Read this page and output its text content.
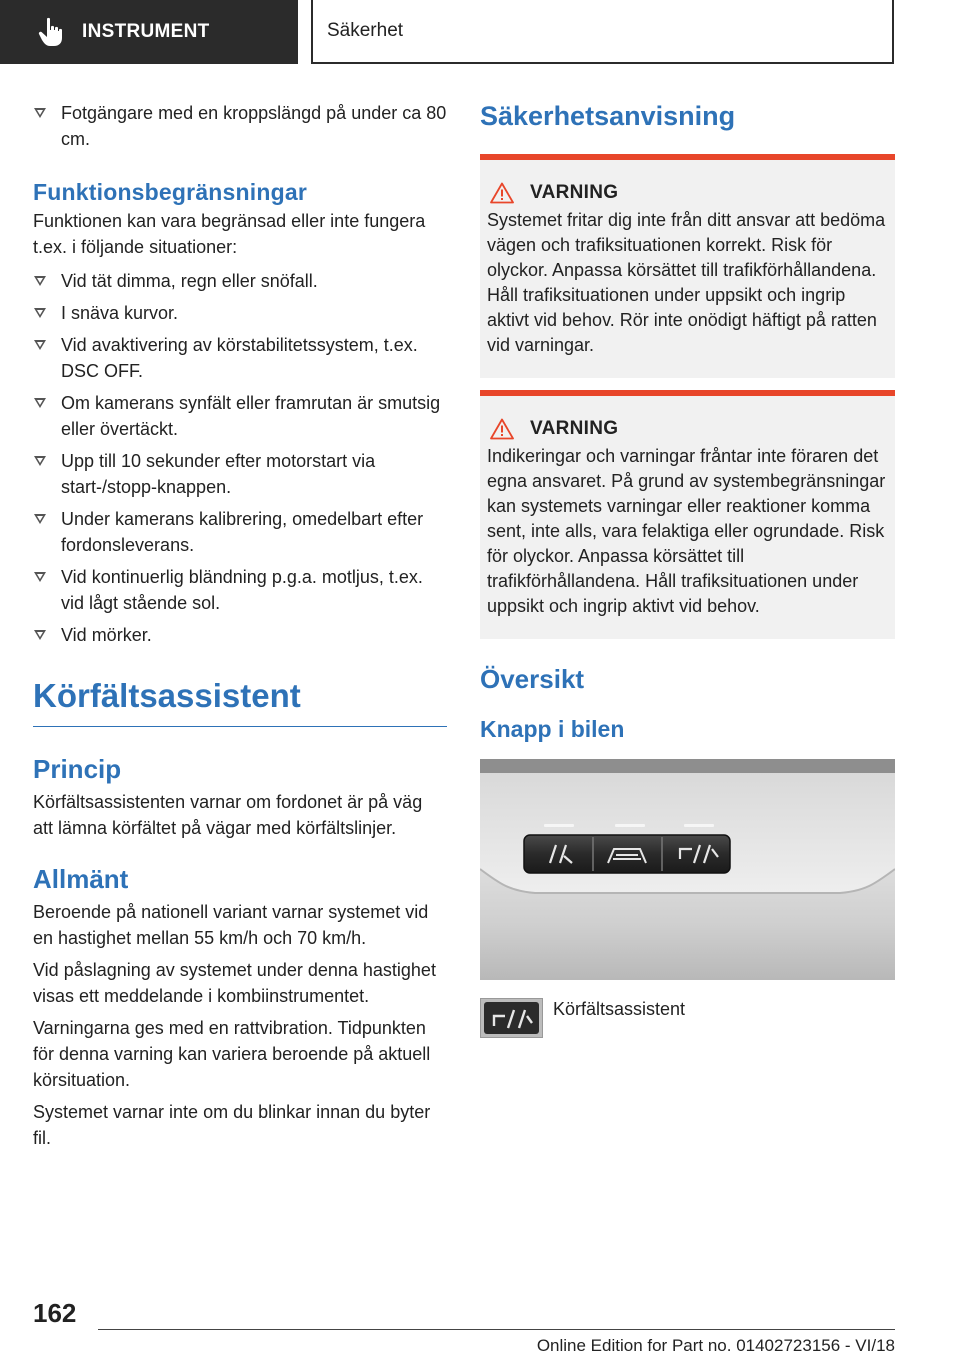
INSTRUMENT	Säkerhet
Fotgängare med en kroppslängd på under ca 80 cm.
Funktionsbegränsningar

Funktionen kan vara begränsad eller inte fungera t.ex. i följande situationer:

Vid tät dimma, regn eller snöfall.
I snäva kurvor.
Vid avaktivering av körstabilitetssystem, t.ex. DSC OFF.
Om kamerans synfält eller framrutan är smutsig eller övertäckt.
Upp till 10 sekunder efter motorstart via start-/stopp-knappen.
Under kamerans kalibrering, omedelbart efter fordonsleverans.
Vid kontinuerlig bländning p.g.a. motljus, t.ex. vid lågt stående sol.
Vid mörker.
Körfältsassistent
Princip

Körfältsassistenten varnar om fordonet är på väg att lämna körfältet på vägar med körfältslinjer.

Allmänt

Beroende på nationell variant varnar systemet vid en hastighet mellan 55 km/h och 70 km/h.

Vid påslagning av systemet under denna hastighet visas ett meddelande i kombiinstrumentet.

Varningarna ges med en rattvibration. Tidpunkten för denna varning kan variera beroende på aktuell körsituation.

Systemet varnar inte om du blinkar innan du byter fil.

Säkerhetsanvisning
VARNING

Systemet fritar dig inte från ditt ansvar att bedöma vägen och trafiksituationen korrekt. Risk för olyckor. Anpassa körsättet till trafikförhållandena. Håll trafiksituationen under uppsikt och ingrip aktivt vid behov. Rör inte onödigt häftigt på ratten vid varningar.

VARNING

Indikeringar och varningar fråntar inte föraren det egna ansvaret. På grund av systembegränsningar kan systemets varningar eller reaktioner komma sent, inte alls, vara felaktiga eller ogrundade. Risk för olyckor. Anpassa körsättet till trafikförhållandena. Håll trafiksituationen under uppsikt och ingrip aktivt vid behov.

Översikt
Knapp i bilen
Körfältsassistent
162
Online Edition for Part no. 01402723156 - VI/18
